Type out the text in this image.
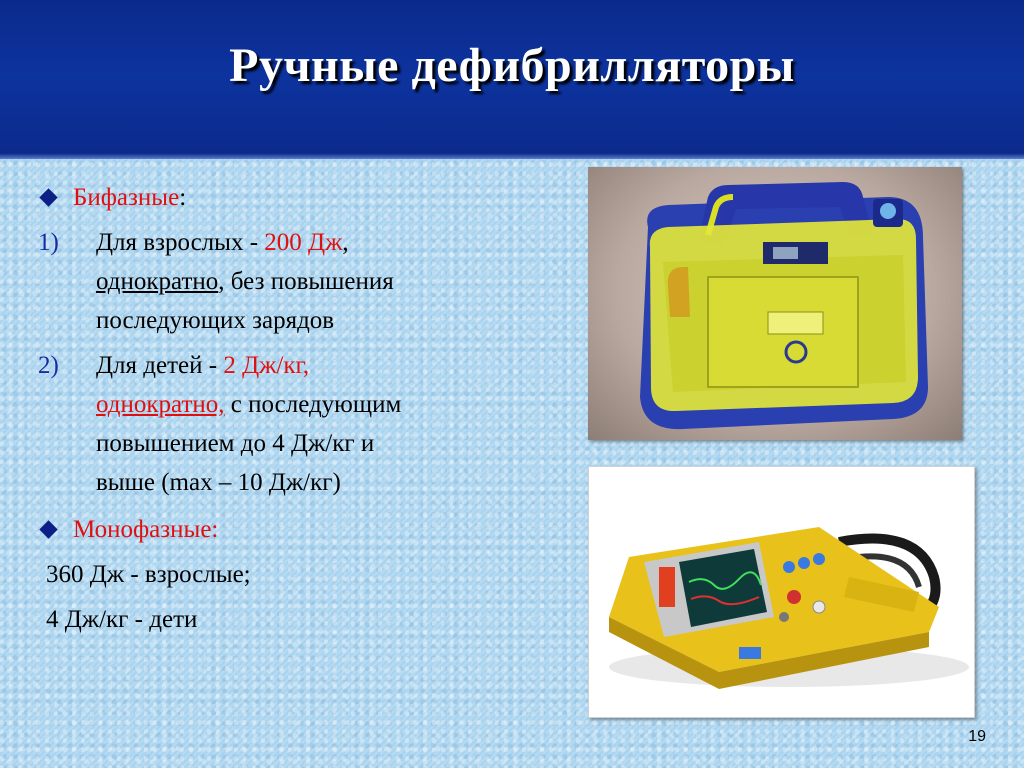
Ручные дефибрилляторы
Бифазные :
1)	Для взрослых - 200 Дж,
однократно, без повышения
последующих зарядов
2)	Для детей - 2 Дж/кг,
однократно, с последующим
повышением до 4 Дж/кг и
выше (max – 10 Дж/кг)
Монофазные:
360 Дж - взрослые;
4 Дж/кг - дети
19
